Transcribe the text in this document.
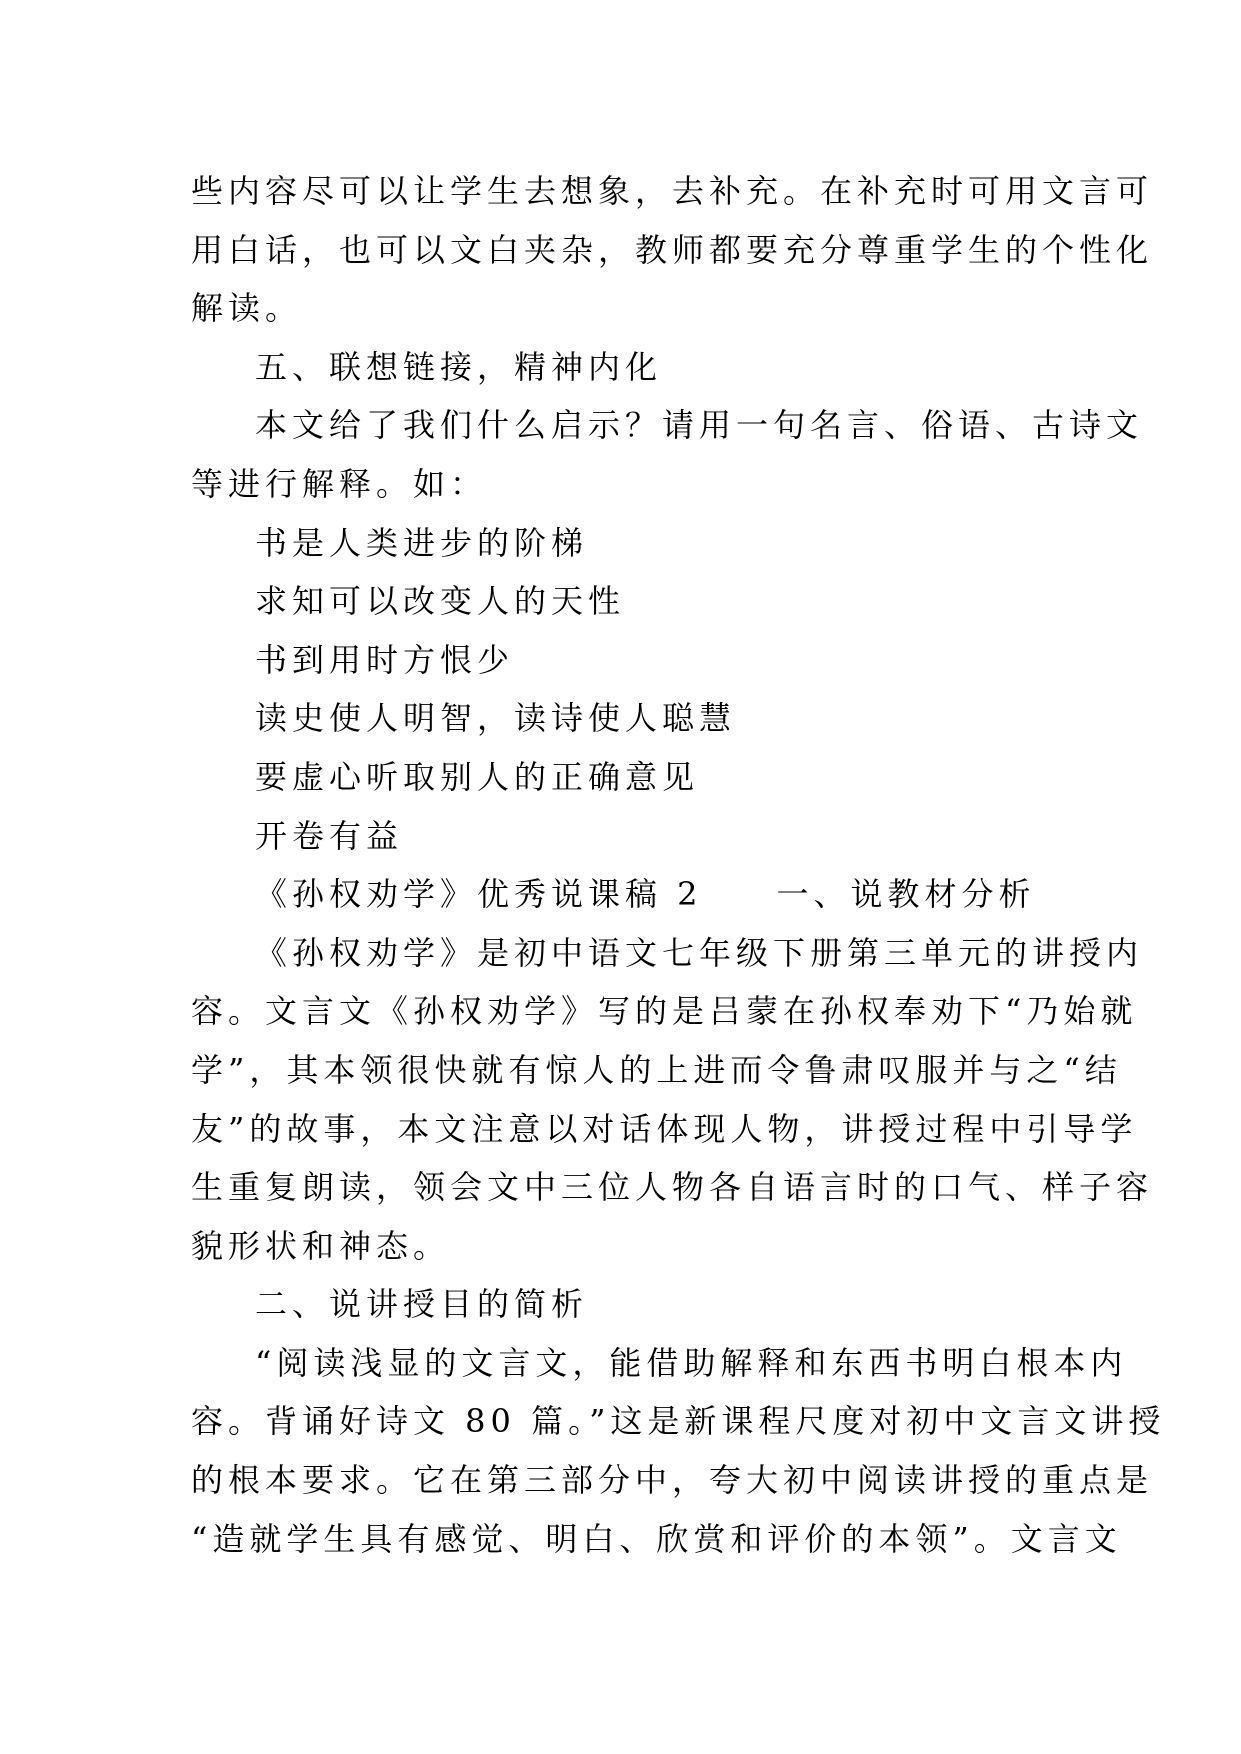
些内容尽可以让学生去想象，去补充。在补充时可用文言可
用白话，也可以文白夹杂，教师都要充分尊重学生的个性化
解读。
五、联想链接，精神内化
本文给了我们什么启示？请用一句名言、俗语、古诗文
等进行解释。如：
书是人类进步的阶梯
求知可以改变人的天性
书到用时方恨少
读史使人明智，读诗使人聪慧
要虚心听取别人的正确意见
开卷有益
《孙权劝学》优秀说课稿 2　　一、说教材分析
《孙权劝学》是初中语文七年级下册第三单元的讲授内
容。文言文《孙权劝学》写的是吕蒙在孙权奉劝下“乃始就
学”，其本领很快就有惊人的上进而令鲁肃叹服并与之“结
友”的故事，本文注意以对话体现人物，讲授过程中引导学
生重复朗读，领会文中三位人物各自语言时的口气、样子容
貌形状和神态。
二、说讲授目的简析
“阅读浅显的文言文，能借助解释和东西书明白根本内
容。背诵好诗文 80 篇。”这是新课程尺度对初中文言文讲授
的根本要求。它在第三部分中，夸大初中阅读讲授的重点是
“造就学生具有感觉、明白、欣赏和评价的本领”。文言文
